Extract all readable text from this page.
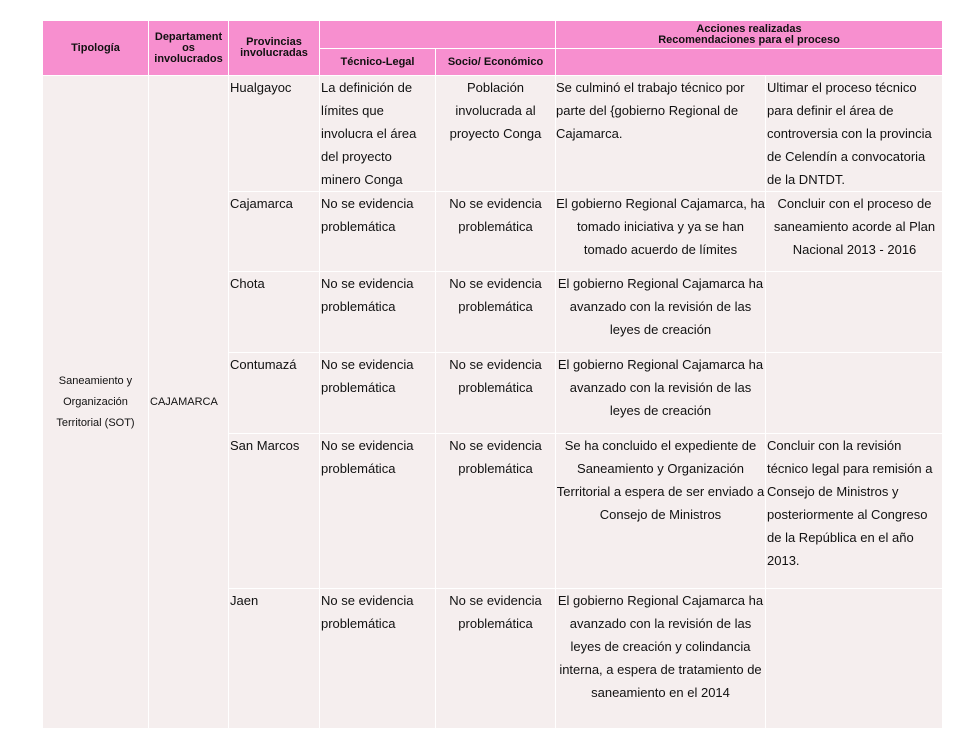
Tipología	Departament os involucrados	Provincias involucradas			Acciones realizadas
Recomendaciones para el proceso	

			Técnico-Legal	Socio/ Económico		
Saneamiento y Organización Territorial (SOT)	CAJAMARCA	Hualgayoc	La definición de límites que involucra el área del proyecto minero Conga	Población involucrada al proyecto Conga	Se culminó el trabajo técnico por parte del {gobierno Regional de Cajamarca.	Ultimar el proceso técnico para definir el área de controversia con la provincia de Celendín a convocatoria de la DNTDT.
		Cajamarca	No se evidencia problemática	No se evidencia problemática	El gobierno Regional Cajamarca, ha tomado iniciativa y ya se han tomado acuerdo de límites	Concluir con el proceso de saneamiento acorde al Plan Nacional 2013 - 2016
		Chota	No se evidencia problemática	No se evidencia problemática	El gobierno Regional Cajamarca ha avanzado con la revisión de las leyes de creación	
		Contumazá	No se evidencia problemática	No se evidencia problemática	El gobierno Regional Cajamarca ha avanzado con la revisión de las leyes de creación	
		San Marcos	No se evidencia problemática	No se evidencia problemática	Se ha concluido el expediente de Saneamiento y Organización Territorial a espera de ser enviado a Consejo de Ministros	Concluir con la revisión técnico legal para remisión a Consejo de Ministros y posteriormente al Congreso de la República en el año 2013.
		Jaen	No se evidencia problemática	No se evidencia problemática	El gobierno Regional Cajamarca ha avanzado con la revisión de las leyes de creación y colindancia interna, a espera de tratamiento de saneamiento en el 2014	
